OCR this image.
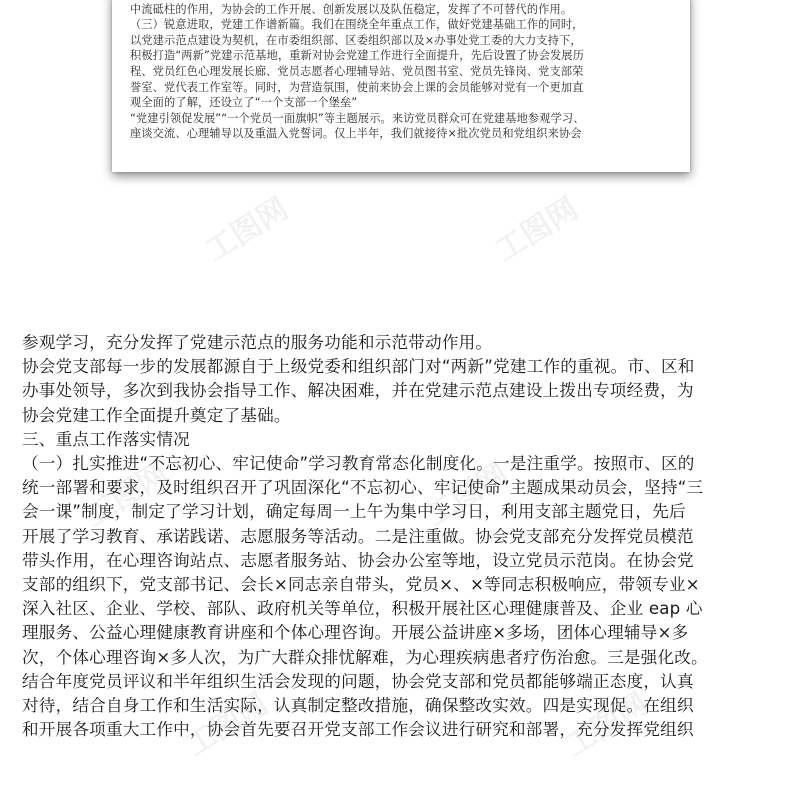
中流砥柱的作用，为协会的工作开展、创新发展以及队伍稳定，发挥了不可替代的作用。

（三）锐意进取，党建工作谱新篇。我们在围绕全年重点工作，做好党建基础工作的同时，

以党建示范点建设为契机，在市委组织部、区委组织部以及×办事处党工委的大力支持下，

积极打造“两新”党建示范基地，重新对协会党建工作进行全面提升，先后设置了协会发展历

程、党员红色心理发展长廊、党员志愿者心理辅导站、党员图书室、党员先锋岗、党支部荣

誉室、党代表工作室等。同时，为营造氛围，使前来协会上课的会员能够对党有一个更加直

观全面的了解，还设立了“一个支部一个堡垒”

“党建引领促发展”“一个党员一面旗帜”等主题展示。来访党员群众可在党建基地参观学习、

座谈交流、心理辅导以及重温入党誓词。仅上半年，我们就接待×批次党员和党组织来协会

工图网	工图网
工图网	工图网
工图网	工图网

参观学习，充分发挥了党建示范点的服务功能和示范带动作用。

协会党支部每一步的发展都源自于上级党委和组织部门对“两新”党建工作的重视。市、区和

办事处领导，多次到我协会指导工作、解决困难，并在党建示范点建设上拨出专项经费，为

协会党建工作全面提升奠定了基础。

三、重点工作落实情况

（一）扎实推进“不忘初心、牢记使命”学习教育常态化制度化。一是注重学。按照市、区的

统一部署和要求，及时组织召开了巩固深化“不忘初心、牢记使命”主题成果动员会，坚持“三

会一课”制度，制定了学习计划，确定每周一上午为集中学习日，利用支部主题党日，先后

开展了学习教育、承诺践诺、志愿服务等活动。二是注重做。协会党支部充分发挥党员模范

带头作用，在心理咨询站点、志愿者服务站、协会办公室等地，设立党员示范岗。在协会党

支部的组织下，党支部书记、会长×同志亲自带头，党员×、×等同志积极响应，带领专业×

深入社区、企业、学校、部队、政府机关等单位，积极开展社区心理健康普及、企业 eap 心

理服务、公益心理健康教育讲座和个体心理咨询。开展公益讲座×多场，团体心理辅导×多

次，个体心理咨询×多人次，为广大群众排忧解难，为心理疾病患者疗伤治愈。三是强化改。

结合年度党员评议和半年组织生活会发现的问题，协会党支部和党员都能够端正态度，认真

对待，结合自身工作和生活实际，认真制定整改措施，确保整改实效。四是实现促。在组织

和开展各项重大工作中，协会首先要召开党支部工作会议进行研究和部署，充分发挥党组织
